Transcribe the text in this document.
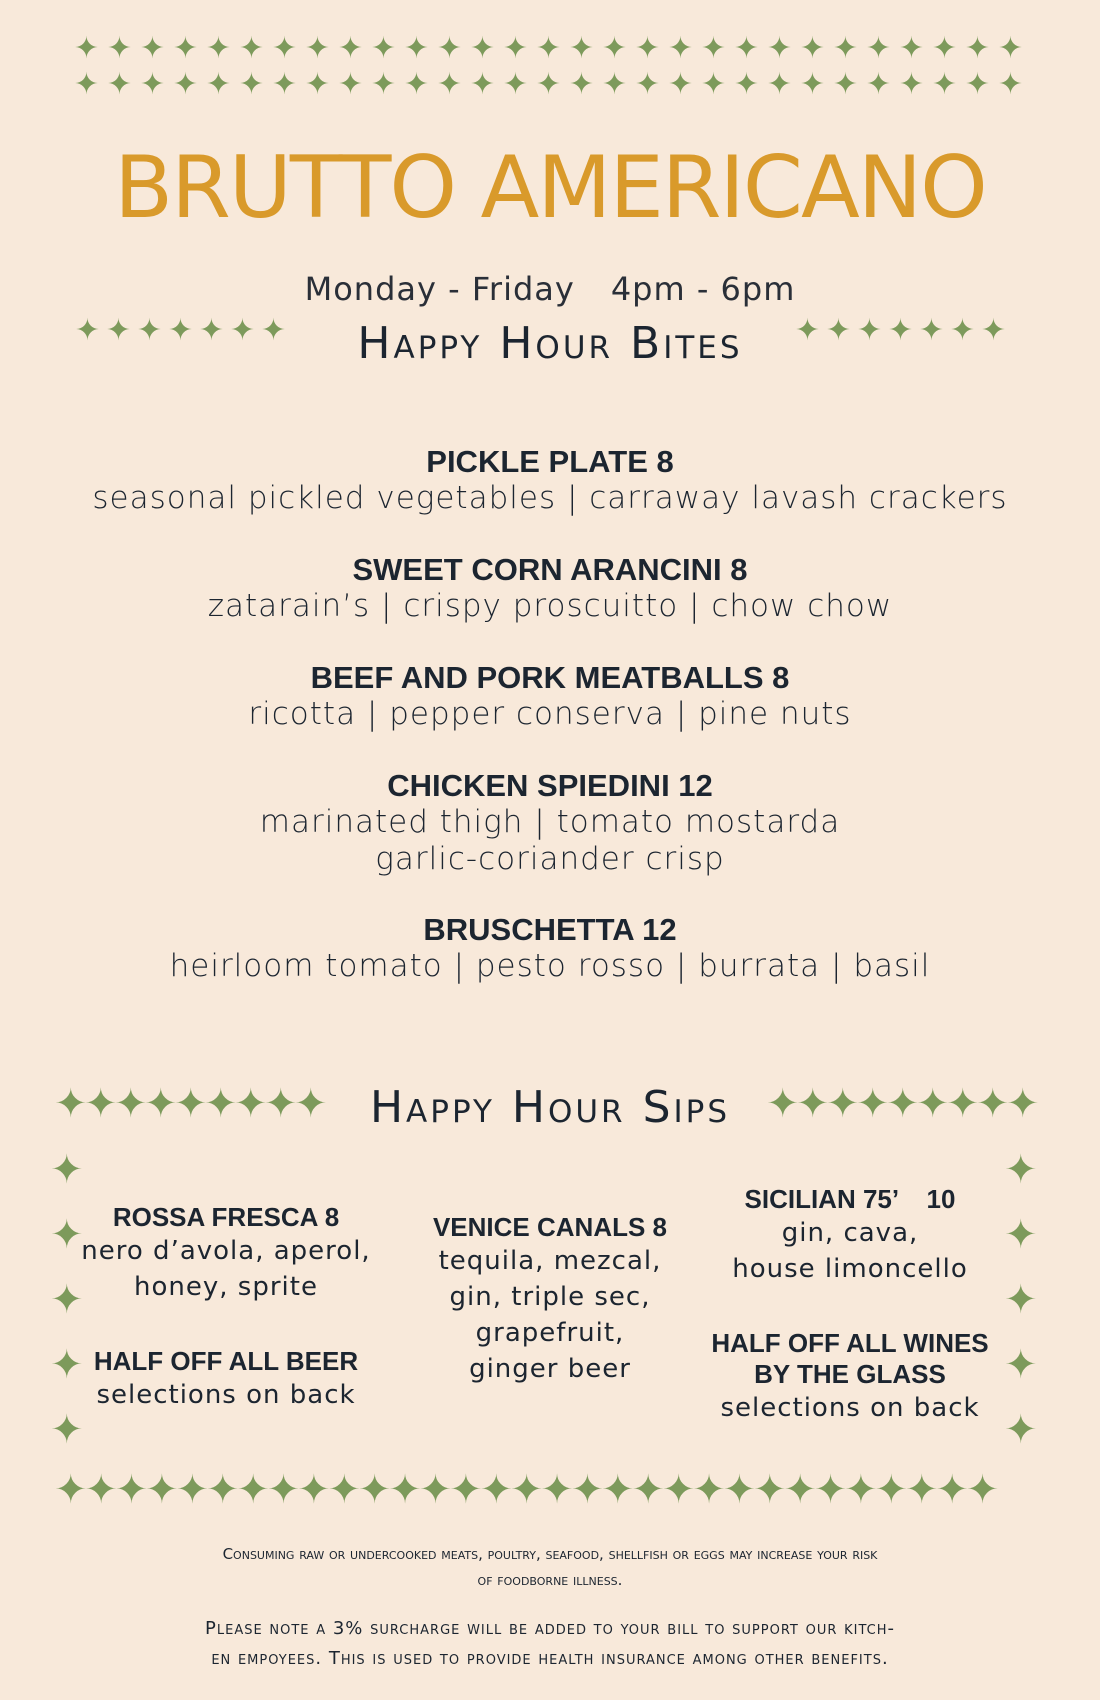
✦ ✦ ✦ ✦ ✦ ✦ ✦ ✦ ✦ ✦ ✦ ✦ ✦ ✦ ✦ ✦ ✦ ✦ ✦ ✦ ✦ ✦ ✦ ✦ ✦ ✦ ✦ ✦ ✦
✦ ✦ ✦ ✦ ✦ ✦ ✦ ✦ ✦ ✦ ✦ ✦ ✦ ✦ ✦ ✦ ✦ ✦ ✦ ✦ ✦ ✦ ✦ ✦ ✦ ✦ ✦ ✦ ✦
BRUTTO AMERICANO
Monday - Friday 4pm - 6pm
✦ ✦ ✦ ✦ ✦ ✦ ✦	Happy Hour Bites	✦ ✦ ✦ ✦ ✦ ✦ ✦
PICKLE PLATE 8
seasonal pickled vegetables | carraway lavash crackers
SWEET CORN ARANCINI 8
zatarain’s | crispy proscuitto | chow chow
BEEF AND PORK MEATBALLS 8
ricotta | pepper conserva | pine nuts
CHICKEN SPIEDINI 12
marinated thigh | tomato mostarda
garlic-coriander crisp
BRUSCHETTA 12
heirloom tomato | pesto rosso | burrata | basil
✦✦✦✦✦✦✦✦✦ Happy Hour Sips ✦✦✦✦✦✦✦✦✦
✦
✦
✦
✦
✦
✦
✦
✦
✦
✦
✦✦✦✦✦✦✦✦✦✦✦✦✦✦✦✦✦✦✦✦✦✦✦✦✦✦✦✦✦✦✦
ROSSA FRESCA 8
nero d’avola, aperol,
honey, sprite
HALF OFF ALL BEER
selections on back
VENICE CANALS 8
tequila, mezcal,
gin, triple sec,
grapefruit,
ginger beer
SICILIAN 75’    10
gin, cava,
house limoncello
HALF OFF ALL WINES
BY THE GLASS
selections on back
Consuming raw or undercooked meats, poultry, seafood, shellfish or eggs may increase your risk
of foodborne illness.
Please note a 3% surcharge will be added to your bill to support our kitch-
en empoyees. This is used to provide health insurance among other benefits.
